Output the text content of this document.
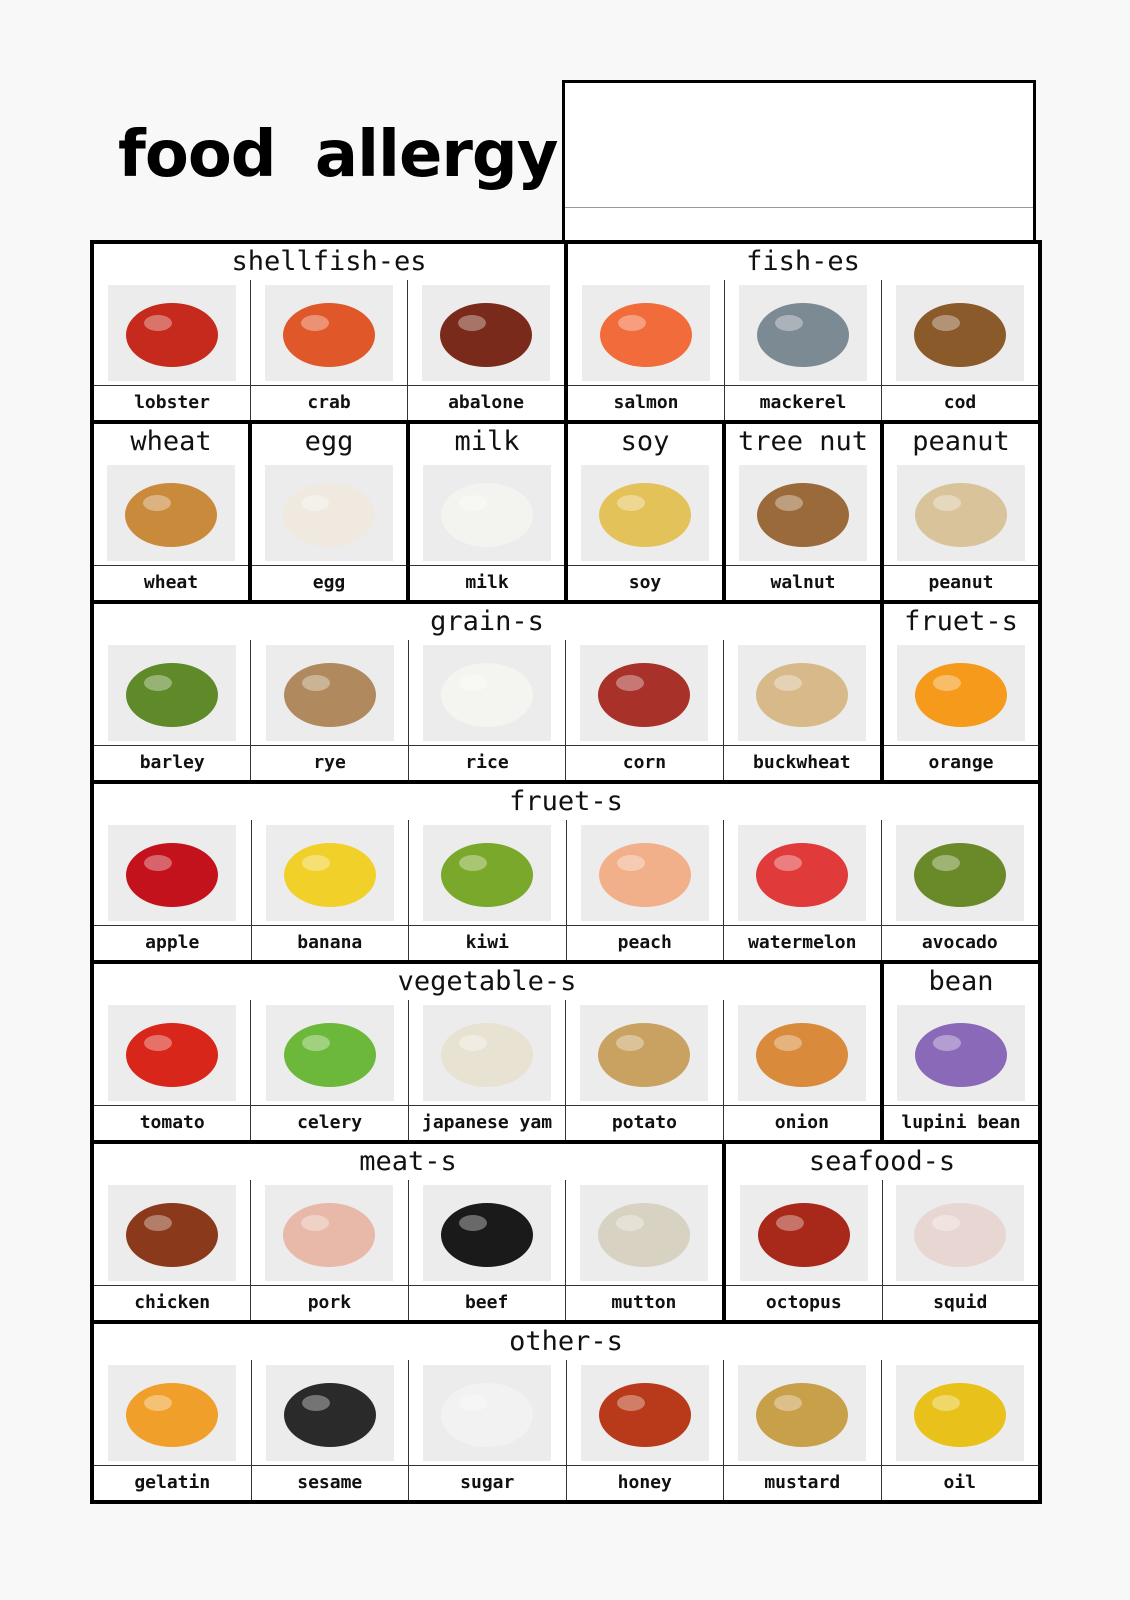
food allergy
shellfish-es
lobster	crab	abalone
fish-es
salmon	mackerel	cod
wheat
wheat
egg
egg
milk
milk
soy
soy
tree nut
walnut
peanut
peanut
grain-s
barley	rye	rice	corn	buckwheat
fruet-s
orange
fruet-s
apple	banana	kiwi	peach	watermelon	avocado
vegetable-s
tomato	celery	japanese yam	potato	onion
bean
lupini bean
meat-s
chicken	pork	beef	mutton
seafood-s
octopus	squid
other-s
gelatin	sesame	sugar	honey	mustard	oil
